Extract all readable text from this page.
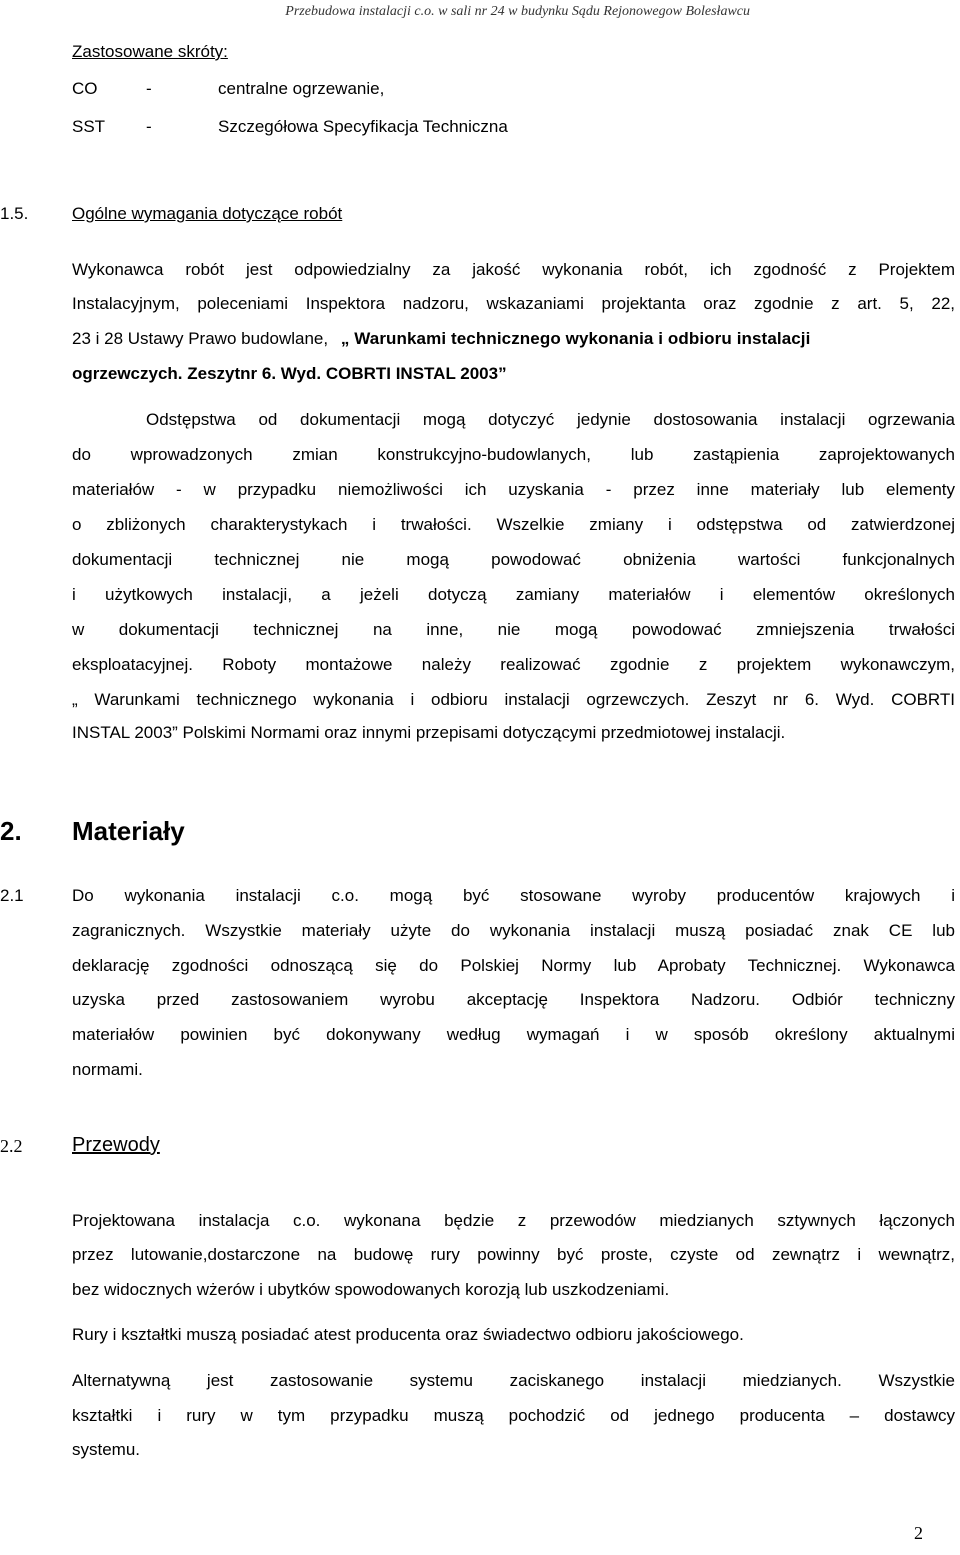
Przebudowa instalacji c.o. w sali nr 24 w budynku Sądu Rejonowegow Bolesławcu
Zastosowane skróty:
CO	-	centralne ogrzewanie,
SST -	Szczegółowa Specyfikacja Techniczna
1.5.	Ogólne wymagania dotyczące robót
Wykonawca robót jest odpowiedzialny za jakość wykonania robót, ich zgodność z Projektem
Instalacyjnym, poleceniami Inspektora nadzoru, wskazaniami projektanta oraz zgodnie z art. 5, 22,
23 i 28 Ustawy Prawo budowlane, „ Warunkami technicznego wykonania i odbioru instalacji
ogrzewczych. Zeszytnr 6. Wyd. COBRTI INSTAL 2003”
Odstępstwa od dokumentacji mogą dotyczyć jedynie dostosowania instalacji ogrzewania
do wprowadzonych zmian konstrukcyjno-budowlanych, lub zastąpienia zaprojektowanych
materiałów - w przypadku niemożliwości ich uzyskania - przez inne materiały lub elementy
o zbliżonych charakterystykach i trwałości. Wszelkie zmiany i odstępstwa od zatwierdzonej
dokumentacji technicznej nie mogą powodować obniżenia wartości funkcjonalnych
i użytkowych instalacji, a jeżeli dotyczą zamiany materiałów i elementów określonych
w dokumentacji technicznej na inne, nie mogą powodować zmniejszenia trwałości
eksploatacyjnej. Roboty montażowe należy realizować zgodnie z projektem wykonawczym,
„ Warunkami technicznego wykonania i odbioru instalacji ogrzewczych. Zeszyt nr 6. Wyd. COBRTI
INSTAL 2003” Polskimi Normami oraz innymi przepisami dotyczącymi przedmiotowej instalacji.
2. Materiały
2.1	Do wykonania instalacji c.o. mogą być stosowane wyroby producentów krajowych i
zagranicznych. Wszystkie materiały użyte do wykonania instalacji muszą posiadać znak CE lub
deklarację zgodności odnoszącą się do Polskiej Normy lub Aprobaty Technicznej. Wykonawca
uzyska przed zastosowaniem wyrobu akceptację Inspektora Nadzoru. Odbiór techniczny
materiałów powinien być dokonywany według wymagań i w sposób określony aktualnymi
normami.
2.2 Przewody
Projektowana instalacja c.o. wykonana będzie z przewodów miedzianych sztywnych łączonych
przez lutowanie,dostarczone na budowę rury powinny być proste, czyste od zewnątrz i wewnątrz,
bez widocznych wżerów i ubytków spowodowanych korozją lub uszkodzeniami.
Rury i kształtki muszą posiadać atest producenta oraz świadectwo odbioru jakościowego.
Alternatywną jest zastosowanie systemu zaciskanego instalacji miedzianych. Wszystkie
kształtki i rury w tym przypadku muszą pochodzić od jednego producenta – dostawcy
systemu.
2
